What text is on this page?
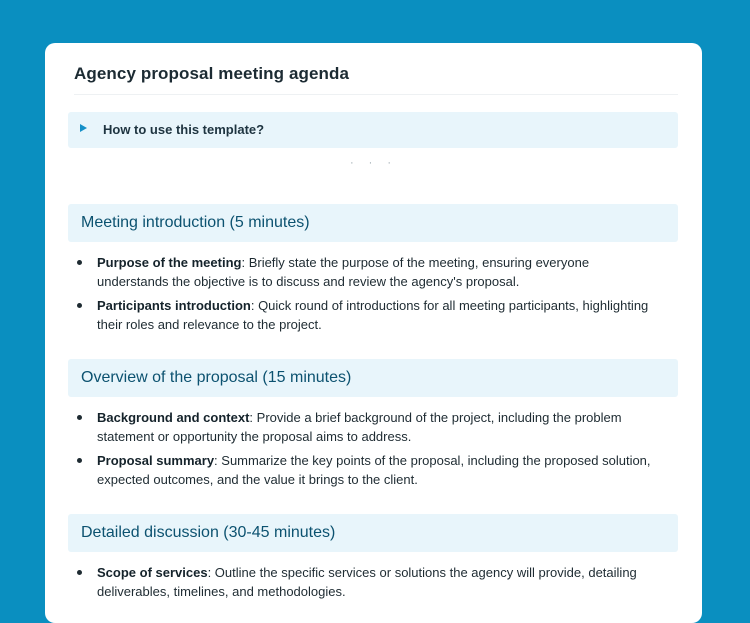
Agency proposal meeting agenda
How to use this template?
· · ·
Meeting introduction (5 minutes)
Purpose of the meeting: Briefly state the purpose of the meeting, ensuring everyone understands the objective is to discuss and review the agency's proposal.
Participants introduction: Quick round of introductions for all meeting participants, highlighting their roles and relevance to the project.
Overview of the proposal (15 minutes)
Background and context: Provide a brief background of the project, including the problem statement or opportunity the proposal aims to address.
Proposal summary: Summarize the key points of the proposal, including the proposed solution, expected outcomes, and the value it brings to the client.
Detailed discussion (30-45 minutes)
Scope of services: Outline the specific services or solutions the agency will provide, detailing deliverables, timelines, and methodologies.
